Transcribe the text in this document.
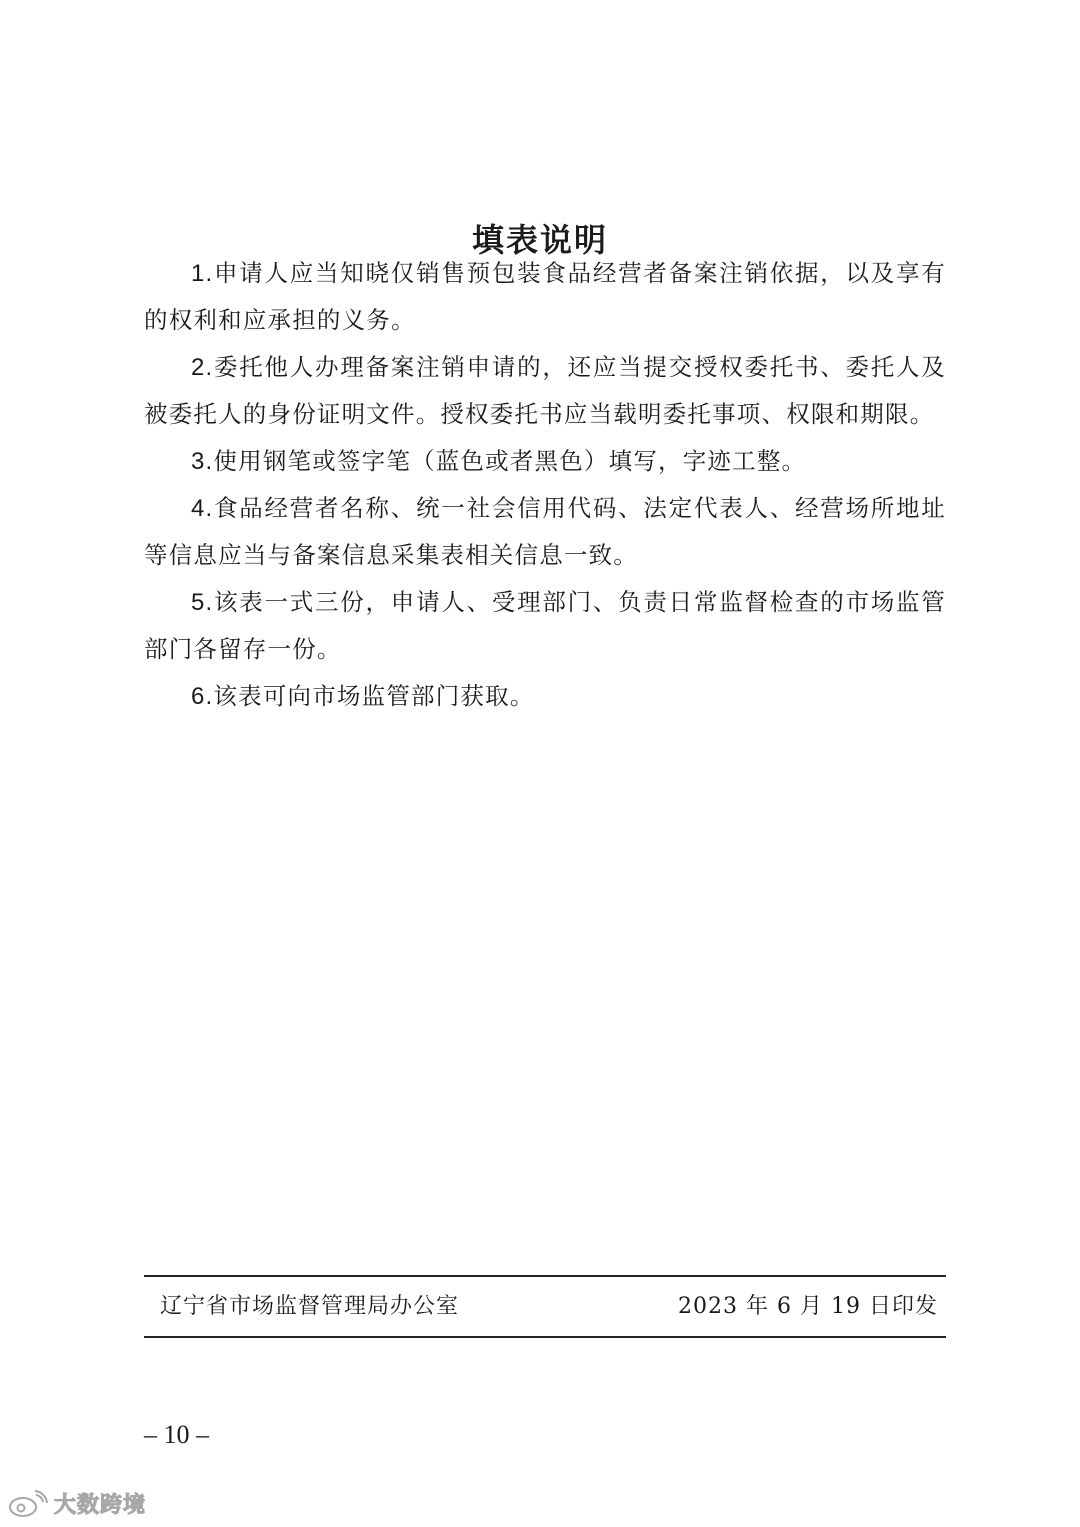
填表说明

1.申请人应当知晓仅销售预包装食品经营者备案注销依据，以及享有的权利和应承担的义务。

2.委托他人办理备案注销申请的，还应当提交授权委托书、委托人及被委托人的身份证明文件。授权委托书应当载明委托事项、权限和期限。

3.使用钢笔或签字笔（蓝色或者黑色）填写，字迹工整。

4.食品经营者名称、统一社会信用代码、法定代表人、经营场所地址等信息应当与备案信息采集表相关信息一致。

5.该表一式三份，申请人、受理部门、负责日常监督检查的市场监管部门各留存一份。

6.该表可向市场监管部门获取。

辽宁省市场监督管理局办公室	2023 年 6 月 19 日印发
– 10 –
大数跨境
